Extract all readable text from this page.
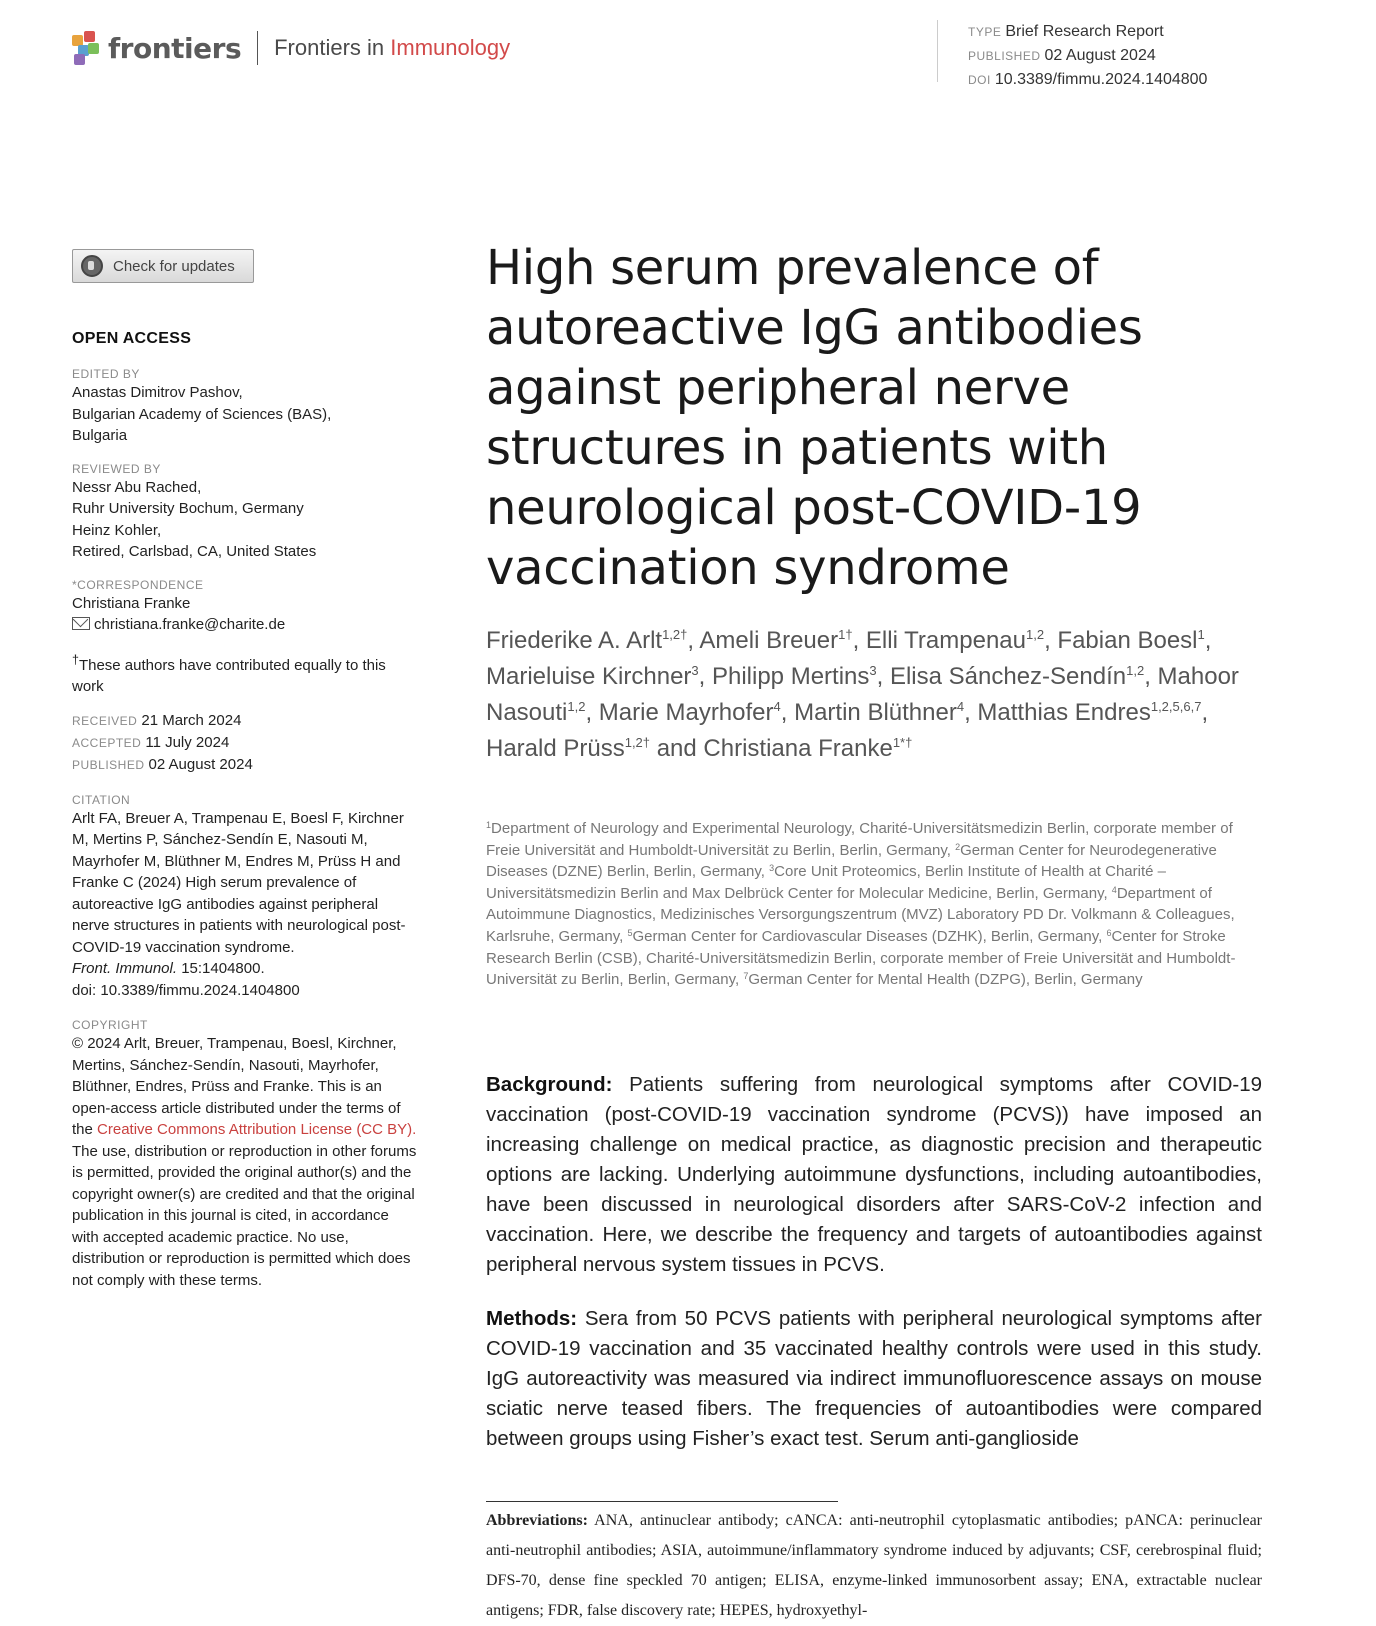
frontiers Frontiers in Immunology
TYPE Brief Research Report
PUBLISHED 02 August 2024
DOI 10.3389/fimmu.2024.1404800
Check for updates
OPEN ACCESS
EDITED BY
Anastas Dimitrov Pashov,
Bulgarian Academy of Sciences (BAS),
Bulgaria
REVIEWED BY
Nessr Abu Rached,
Ruhr University Bochum, Germany
Heinz Kohler,
Retired, Carlsbad, CA, United States
*CORRESPONDENCE
Christiana Franke
christiana.franke@charite.de
†These authors have contributed equally to this work
RECEIVED 21 March 2024
ACCEPTED 11 July 2024
PUBLISHED 02 August 2024
CITATION
Arlt FA, Breuer A, Trampenau E, Boesl F, Kirchner M, Mertins P, Sánchez-Sendín E, Nasouti M, Mayrhofer M, Blüthner M, Endres M, Prüss H and Franke C (2024) High serum prevalence of autoreactive IgG antibodies against peripheral nerve structures in patients with neurological post-COVID-19 vaccination syndrome.
Front. Immunol. 15:1404800.
doi: 10.3389/fimmu.2024.1404800
COPYRIGHT
© 2024 Arlt, Breuer, Trampenau, Boesl, Kirchner, Mertins, Sánchez-Sendín, Nasouti, Mayrhofer, Blüthner, Endres, Prüss and Franke. This is an open-access article distributed under the terms of the Creative Commons Attribution License (CC BY). The use, distribution or reproduction in other forums is permitted, provided the original author(s) and the copyright owner(s) are credited and that the original publication in this journal is cited, in accordance with accepted academic practice. No use, distribution or reproduction is permitted which does not comply with these terms.
High serum prevalence of autoreactive IgG antibodies against peripheral nerve structures in patients with neurological post-COVID-19 vaccination syndrome
Friederike A. Arlt$^{1,2\dagger}$, Ameli Breuer$^{1\dagger}$, Elli Trampenau$^{1,2}$, Fabian Boesl$^1$, Marieluise Kirchner$^3$, Philipp Mertins$^3$, Elisa Sánchez-Sendín$^{1,2}$, Mahoor Nasouti$^{1,2}$, Marie Mayrhofer$^4$, Martin Blüthner$^4$, Matthias Endres$^{1,2,5,6,7}$, Harald Prüss$^{1,2\dagger}$ and Christiana Franke$^{1*\dagger}$
$^1$Department of Neurology and Experimental Neurology, Charité-Universitätsmedizin Berlin, corporate member of Freie Universität and Humboldt-Universität zu Berlin, Berlin, Germany, $^2$German Center for Neurodegenerative Diseases (DZNE) Berlin, Berlin, Germany, $^3$Core Unit Proteomics, Berlin Institute of Health at Charité – Universitätsmedizin Berlin and Max Delbrück Center for Molecular Medicine, Berlin, Germany, $^4$Department of Autoimmune Diagnostics, Medizinisches Versorgungszentrum (MVZ) Laboratory PD Dr. Volkmann & Colleagues, Karlsruhe, Germany, $^5$German Center for Cardiovascular Diseases (DZHK), Berlin, Germany, $^6$Center for Stroke Research Berlin (CSB), Charité-Universitätsmedizin Berlin, corporate member of Freie Universität and Humboldt-Universität zu Berlin, Berlin, Germany, $^7$German Center for Mental Health (DZPG), Berlin, Germany

Background: Patients suffering from neurological symptoms after COVID-19 vaccination (post-COVID-19 vaccination syndrome (PCVS)) have imposed an increasing challenge on medical practice, as diagnostic precision and therapeutic options are lacking. Underlying autoimmune dysfunctions, including autoantibodies, have been discussed in neurological disorders after SARS-CoV-2 infection and vaccination. Here, we describe the frequency and targets of autoantibodies against peripheral nervous system tissues in PCVS.

Methods: Sera from 50 PCVS patients with peripheral neurological symptoms after COVID-19 vaccination and 35 vaccinated healthy controls were used in this study. IgG autoreactivity was measured via indirect immunofluorescence assays on mouse sciatic nerve teased fibers. The frequencies of autoantibodies were compared between groups using Fisher’s exact test. Serum anti-ganglioside

Abbreviations: ANA, antinuclear antibody; cANCA: anti-neutrophil cytoplasmatic antibodies; pANCA: perinuclear anti-neutrophil antibodies; ASIA, autoimmune/inflammatory syndrome induced by adjuvants; CSF, cerebrospinal fluid; DFS-70, dense fine speckled 70 antigen; ELISA, enzyme-linked immunosorbent assay; ENA, extractable nuclear antigens; FDR, false discovery rate; HEPES, hydroxyethyl-
